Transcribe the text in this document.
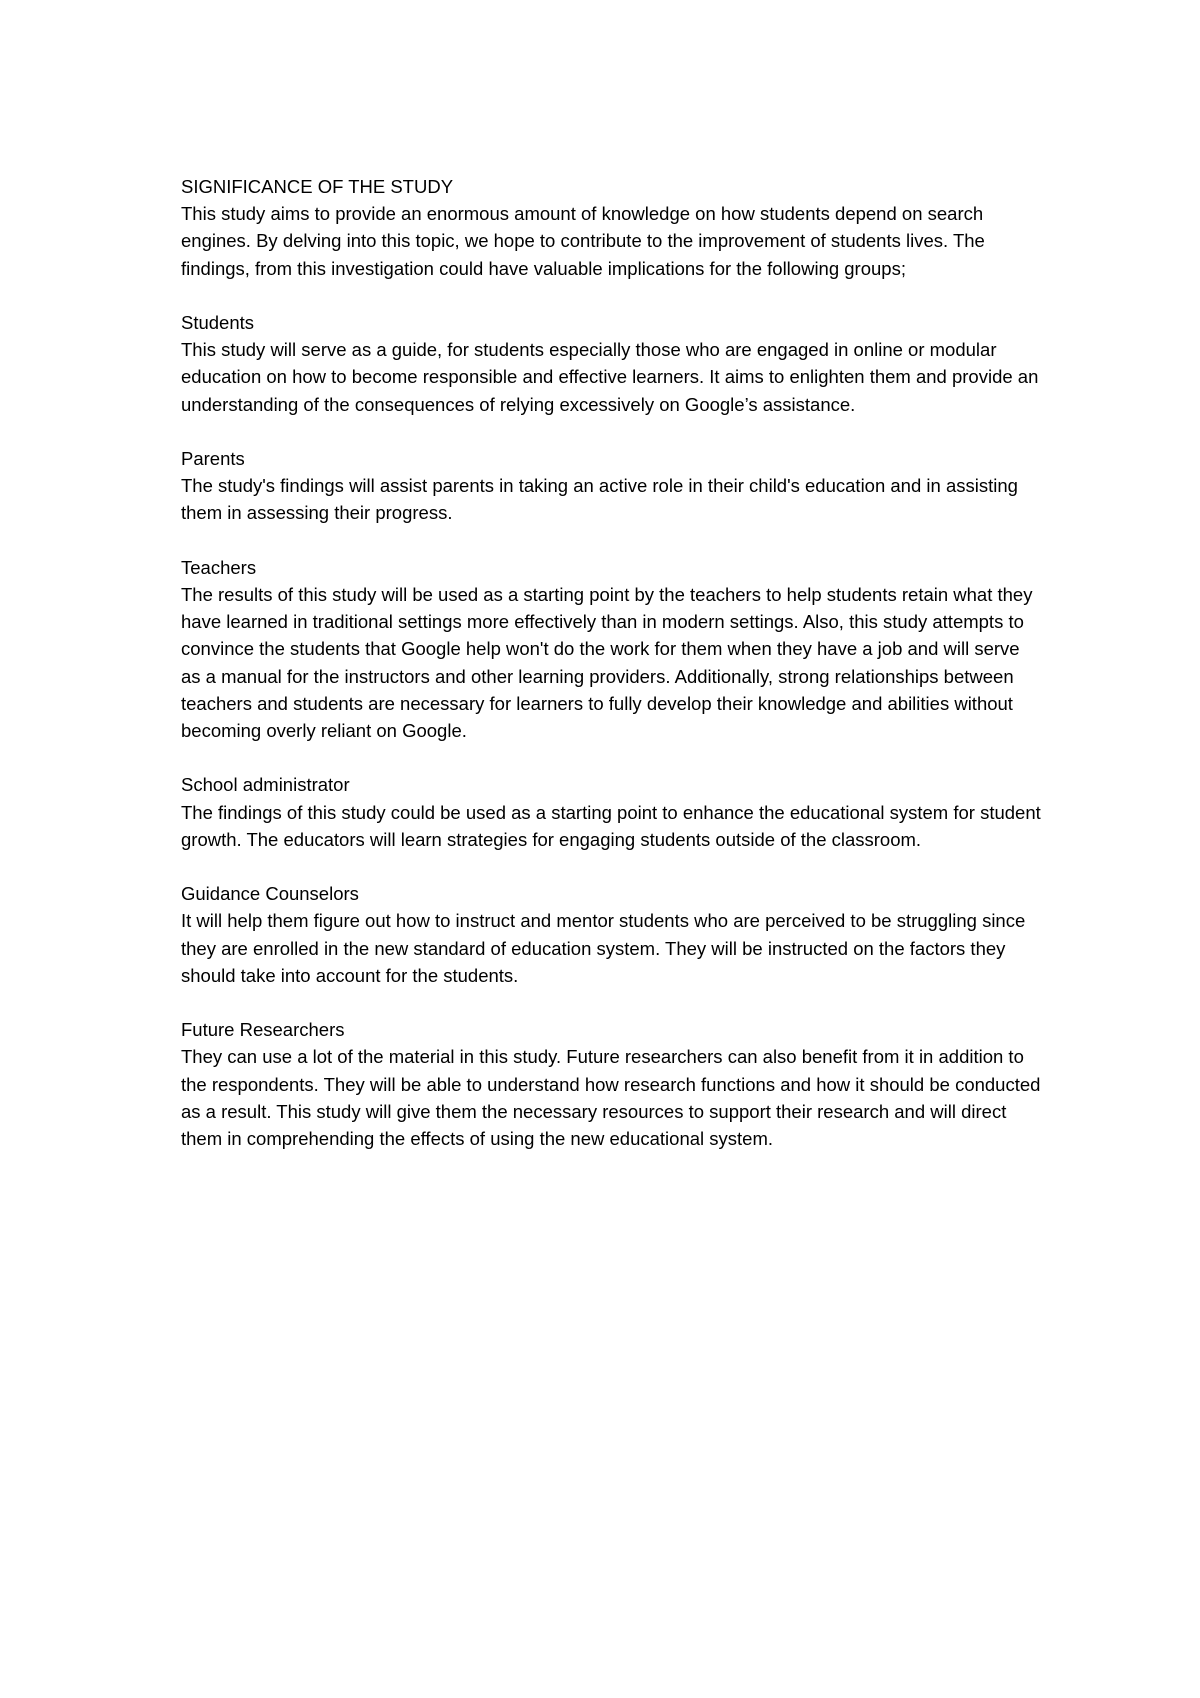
SIGNIFICANCE OF THE STUDY

This study aims to provide an enormous amount of knowledge on how students depend on search engines. By delving into this topic, we hope to contribute to the improvement of students lives. The findings, from this investigation could have valuable implications for the following groups;

Students

This study will serve as a guide, for students especially those who are engaged in online or modular education on how to become responsible and effective learners. It aims to enlighten them and provide an understanding of the consequences of relying excessively on Google’s assistance.

Parents

The study's findings will assist parents in taking an active role in their child's education and in assisting them in assessing their progress.

Teachers

The results of this study will be used as a starting point by the teachers to help students retain what they have learned in traditional settings more effectively than in modern settings. Also, this study attempts to convince the students that Google help won't do the work for them when they have a job and will serve as a manual for the instructors and other learning providers. Additionally, strong relationships between teachers and students are necessary for learners to fully develop their knowledge and abilities without becoming overly reliant on Google.

School administrator

The findings of this study could be used as a starting point to enhance the educational system for student growth. The educators will learn strategies for engaging students outside of the classroom.

Guidance Counselors

It will help them figure out how to instruct and mentor students who are perceived to be struggling since they are enrolled in the new standard of education system. They will be instructed on the factors they should take into account for the students.

Future Researchers

They can use a lot of the material in this study. Future researchers can also benefit from it in addition to the respondents. They will be able to understand how research functions and how it should be conducted as a result. This study will give them the necessary resources to support their research and will direct them in comprehending the effects of using the new educational system.
